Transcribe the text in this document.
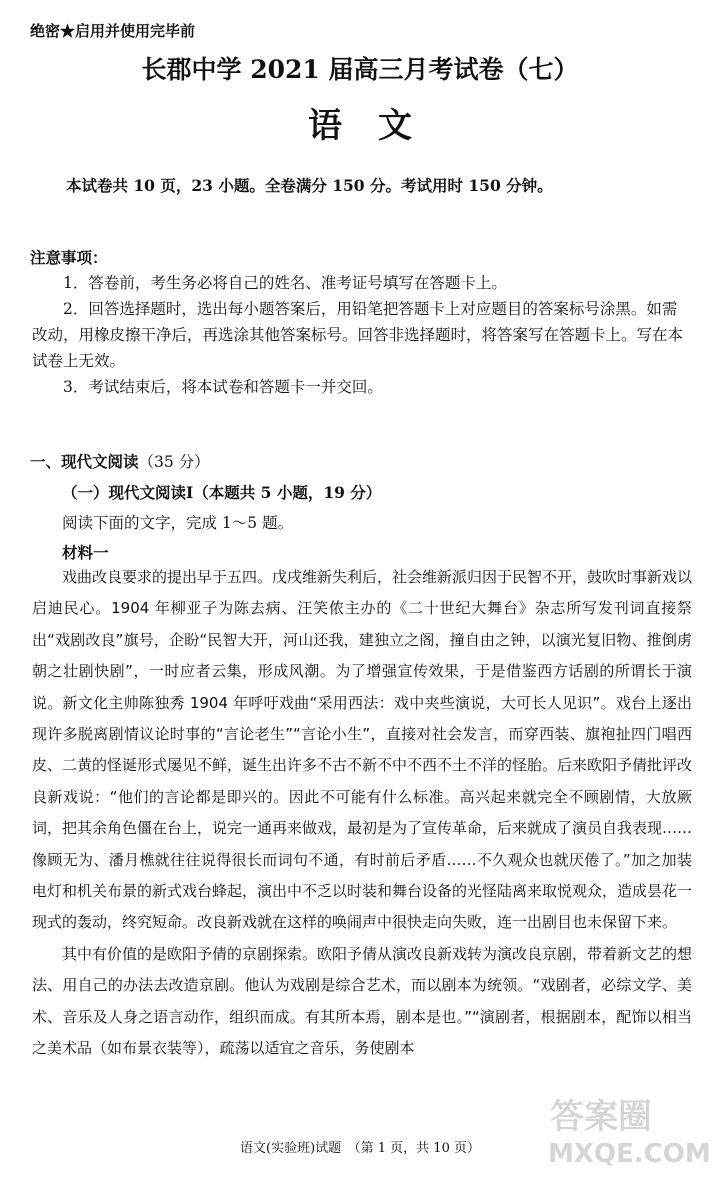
绝密★启用并使用完毕前
长郡中学 2021 届高三月考试卷（七）
语文
本试卷共 10 页，23 小题。全卷满分 150 分。考试用时 150 分钟。
注意事项：

1．答卷前，考生务必将自己的姓名、准考证号填写在答题卡上。

2．回答选择题时，选出每小题答案后，用铅笔把答题卡上对应题目的答案标号涂黑。如需改动，用橡皮擦干净后，再选涂其他答案标号。回答非选择题时，将答案写在答题卡上。写在本试卷上无效。

3．考试结束后，将本试卷和答题卡一并交回。

一、现代文阅读（35 分）
（一）现代文阅读Ⅰ（本题共 5 小题，19 分）
阅读下面的文字，完成 1～5 题。
材料一

戏曲改良要求的提出早于五四。戊戌维新失利后，社会维新派归因于民智不开，鼓吹时事新戏以启迪民心。1904 年柳亚子为陈去病、汪笑侬主办的《二十世纪大舞台》杂志所写发刊词直接祭出“戏剧改良”旗号，企盼“民智大开，河山还我，建独立之阁，撞自由之钟，以演光复旧物、推倒虏朝之壮剧快剧”，一时应者云集，形成风潮。为了增强宣传效果，于是借鉴西方话剧的所谓长于演说。新文化主帅陈独秀 1904 年呼吁戏曲“采用西法：戏中夹些演说，大可长人见识”。戏台上逐出现许多脱离剧情议论时事的“言论老生”“言论小生”，直接对社会发言，而穿西装、旗袍扯四门唱西皮、二黄的怪诞形式屡见不鲜，诞生出许多不古不新不中不西不土不洋的怪胎。后来欧阳予倩批评改良新戏说：“他们的言论都是即兴的。因此不可能有什么标准。高兴起来就完全不顾剧情，大放厥词，把其余角色僵在台上，说完一通再来做戏，最初是为了宣传革命，后来就成了演员自我表现……像顾无为、潘月樵就往往说得很长而词句不通，有时前后矛盾……不久观众也就厌倦了。”加之加装电灯和机关布景的新式戏台蜂起，演出中不乏以时装和舞台设备的光怪陆离来取悦观众，造成昙花一现式的轰动，终究短命。改良新戏就在这样的唤闹声中很快走向失败，连一出剧目也未保留下来。

其中有价值的是欧阳予倩的京剧探索。欧阳予倩从演改良新戏转为演改良京剧，带着新文艺的想法、用自己的办法去改造京剧。他认为戏剧是综合艺术，而以剧本为统领。“戏剧者，必综文学、美术、音乐及人身之语言动作，组织而成。有其所本焉，剧本是也。”“演剧者，根据剧本，配饰以相当之美术品（如布景衣装等），疏荡以适宜之音乐，务使剧本

语文(实验班)试题　（第 1 页，共 10 页）
答案圈
MXQE.COM
